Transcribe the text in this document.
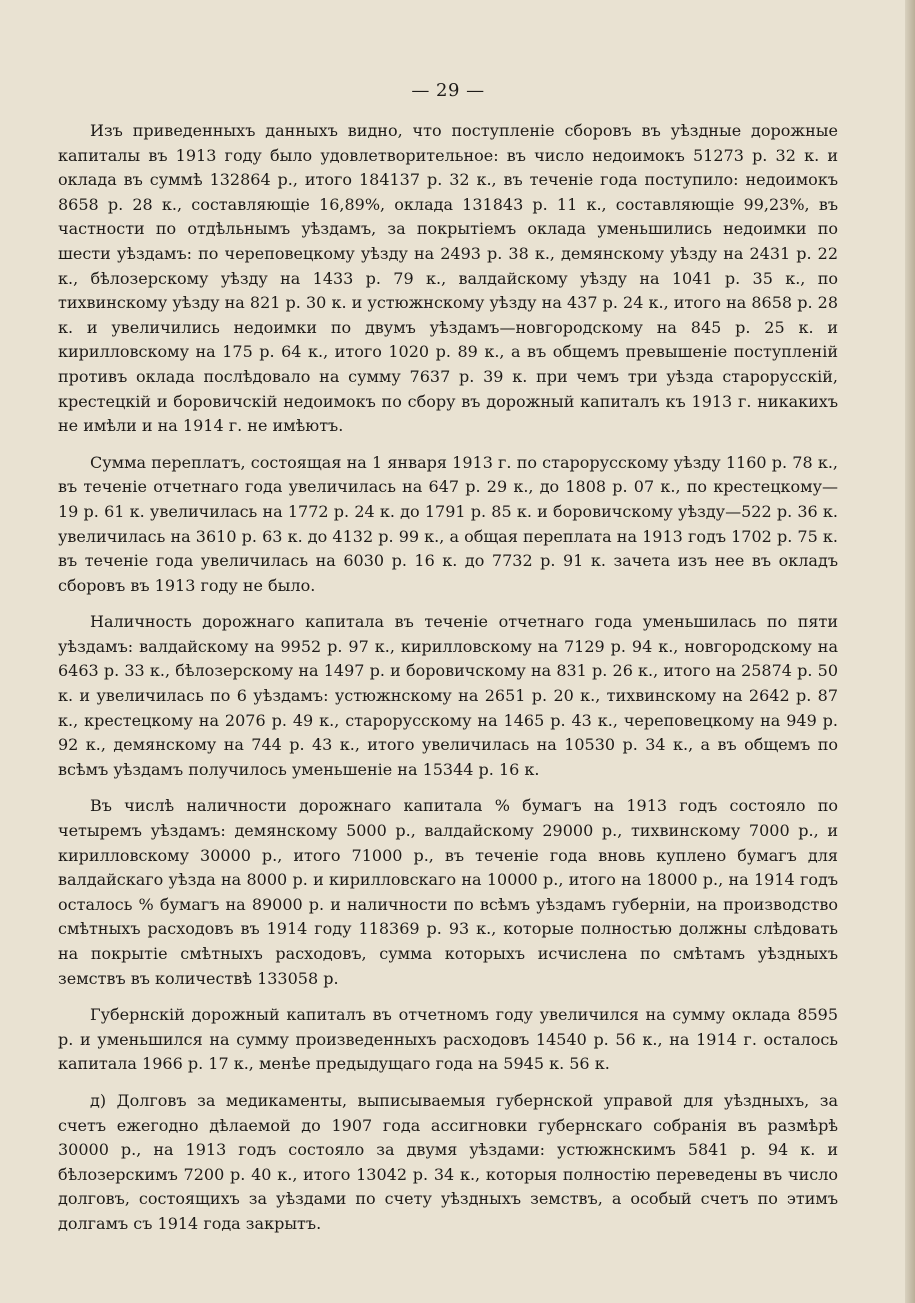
— 29 —

Изъ приведенныхъ данныхъ видно, что поступленіе сборовъ въ уѣздные дорожные капиталы въ 1913 году было удовлетворительное: въ число недоимокъ 51273 р. 32 к. и оклада въ суммѣ 132864 р., итого 184137 р. 32 к., въ теченіе года поступило: недоимокъ 8658 р. 28 к., составляющіе 16,89%, оклада 131843 р. 11 к., составляющіе 99,23%, въ частности по отдѣльнымъ уѣздамъ, за покрытіемъ оклада уменьшились недоимки по шести уѣздамъ: по череповецкому уѣзду на 2493 р. 38 к., демянскому уѣзду на 2431 р. 22 к., бѣлозерскому уѣзду на 1433 р. 79 к., валдайскому уѣзду на 1041 р. 35 к., по тихвинскому уѣзду на 821 р. 30 к. и устюжнскому уѣзду на 437 р. 24 к., итого на 8658 р. 28 к. и увеличились недоимки по двумъ уѣздамъ—новгородскому на 845 р. 25 к. и кирилловскому на 175 р. 64 к., итого 1020 р. 89 к., а въ общемъ превышеніе поступленій противъ оклада послѣдовало на сумму 7637 р. 39 к. при чемъ три уѣзда старорусскій, крестецкій и боровичскій недоимокъ по сбору въ дорожный капиталъ къ 1913 г. никакихъ не имѣли и на 1914 г. не имѣютъ.

Сумма переплатъ, состоящая на 1 января 1913 г. по старорусскому уѣзду 1160 р. 78 к., въ теченіе отчетнаго года увеличилась на 647 р. 29 к., до 1808 р. 07 к., по крестецкому—19 р. 61 к. увеличилась на 1772 р. 24 к. до 1791 р. 85 к. и боровичскому уѣзду—522 р. 36 к. увеличилась на 3610 р. 63 к. до 4132 р. 99 к., а общая переплата на 1913 годъ 1702 р. 75 к. въ теченіе года увеличилась на 6030 р. 16 к. до 7732 р. 91 к. зачета изъ нее въ окладъ сборовъ въ 1913 году не было.

Наличность дорожнаго капитала въ теченіе отчетнаго года уменьшилась по пяти уѣздамъ: валдайскому на 9952 р. 97 к., кирилловскому на 7129 р. 94 к., новгородскому на 6463 р. 33 к., бѣлозерскому на 1497 р. и боровичскому на 831 р. 26 к., итого на 25874 р. 50 к. и увеличилась по 6 уѣздамъ: устюжнскому на 2651 р. 20 к., тихвинскому на 2642 р. 87 к., крестецкому на 2076 р. 49 к., старорусскому на 1465 р. 43 к., череповецкому на 949 р. 92 к., демянскому на 744 р. 43 к., итого увеличилась на 10530 р. 34 к., а въ общемъ по всѣмъ уѣздамъ получилось уменьшеніе на 15344 р. 16 к.

Въ числѣ наличности дорожнаго капитала % бумагъ на 1913 годъ состояло по четыремъ уѣздамъ: демянскому 5000 р., валдайскому 29000 р., тихвинскому 7000 р., и кирилловскому 30000 р., итого 71000 р., въ теченіе года вновь куплено бумагъ для валдайскаго уѣзда на 8000 р. и кирилловскаго на 10000 р., итого на 18000 р., на 1914 годъ осталось % бумагъ на 89000 р. и наличности по всѣмъ уѣздамъ губерніи, на производство смѣтныхъ расходовъ въ 1914 году 118369 р. 93 к., которые полностью должны слѣдовать на покрытіе смѣтныхъ расходовъ, сумма которыхъ исчислена по смѣтамъ уѣздныхъ земствъ въ количествѣ 133058 р.

Губернскій дорожный капиталъ въ отчетномъ году увеличился на сумму оклада 8595 р. и уменьшился на сумму произведенныхъ расходовъ 14540 р. 56 к., на 1914 г. осталось капитала 1966 р. 17 к., менѣе предыдущаго года на 5945 к. 56 к.

д) Долговъ за медикаменты, выписываемыя губернской управой для уѣздныхъ, за счетъ ежегодно дѣлаемой до 1907 года ассигновки губернскаго собранія въ размѣрѣ 30000 р., на 1913 годъ состояло за двумя уѣздами: устюжнскимъ 5841 р. 94 к. и бѣлозерскимъ 7200 р. 40 к., итого 13042 р. 34 к., которыя полностію переведены въ число долговъ, состоящихъ за уѣздами по счету уѣздныхъ земствъ, а особый счетъ по этимъ долгамъ съ 1914 года закрытъ.
